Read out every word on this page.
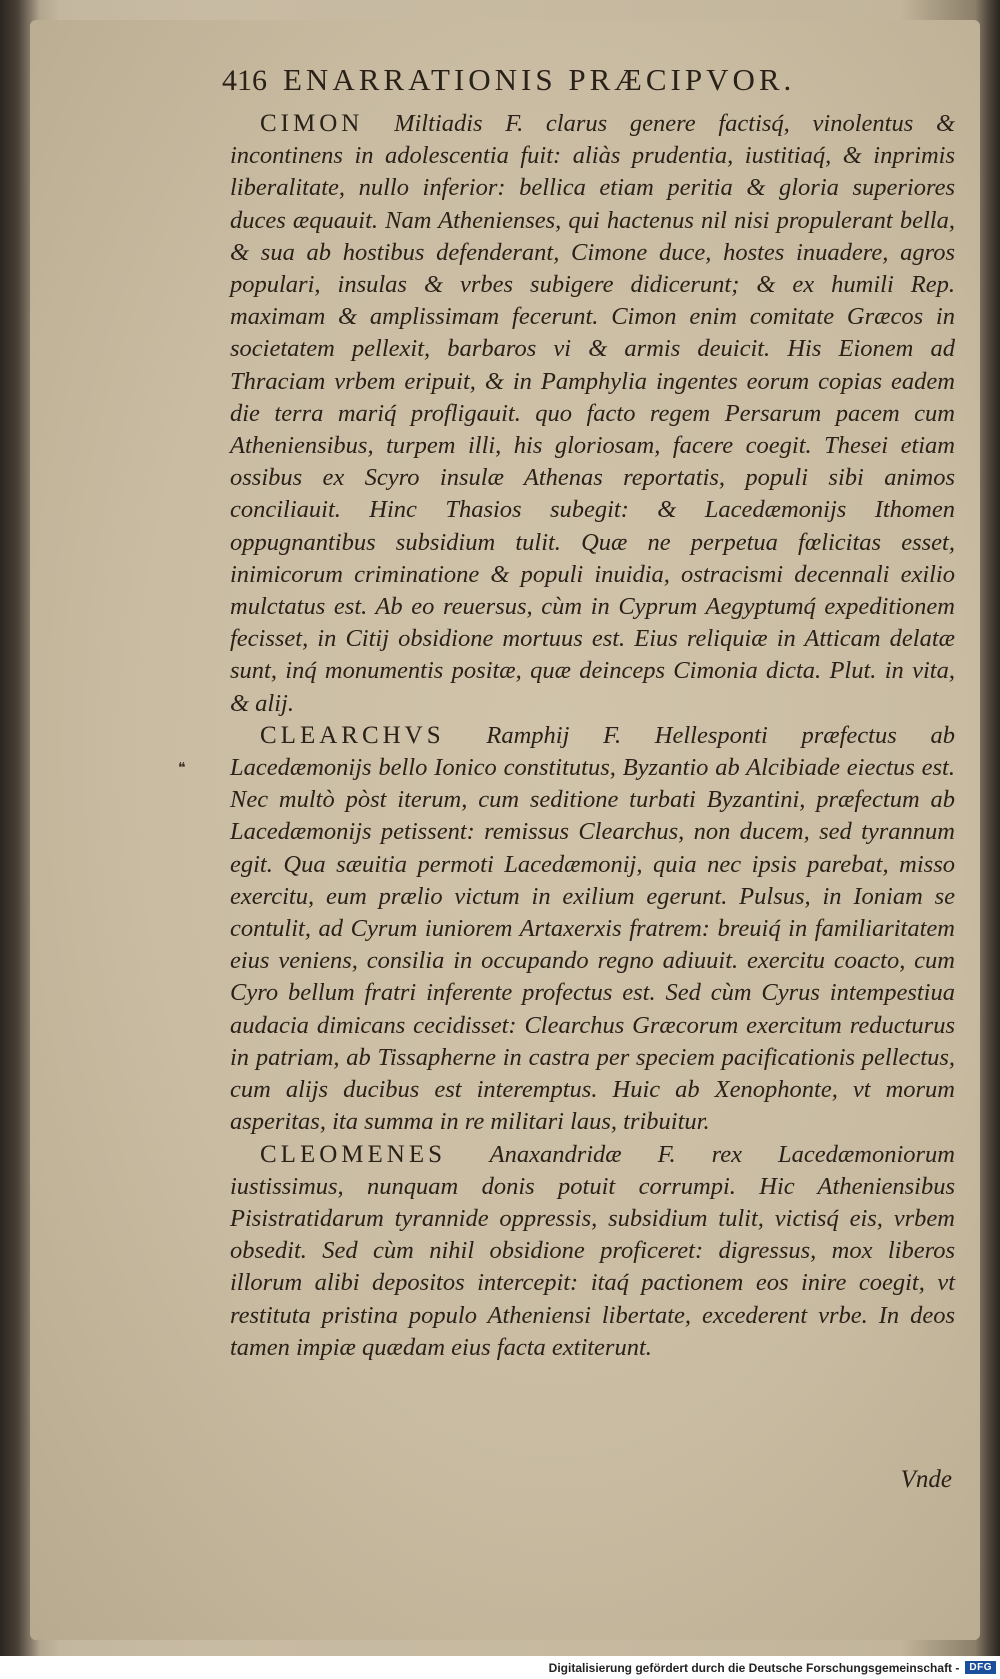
416 ENARRATIONIS PRÆCIPVOR.
❝

CIMON Miltiadis F. clarus genere factisq́, vinolentus & incontinens in adolescentia fuit: aliàs prudentia, iustitiaq́, & inprimis liberalitate, nullo inferior: bellica etiam peritia & gloria superiores duces æquauit. Nam Athenienses, qui hactenus nil nisi propulerant bella, & sua ab hostibus defenderant, Cimone duce, hostes inuadere, agros populari, insulas & vrbes subigere didicerunt; & ex humili Rep. maximam & amplissimam fecerunt. Cimon enim comitate Græcos in societatem pellexit, barbaros vi & armis deuicit. His Eionem ad Thraciam vrbem eripuit, & in Pamphylia ingentes eorum copias eadem die terra mariq́ profligauit. quo facto regem Persarum pacem cum Atheniensibus, turpem illi, his gloriosam, facere coegit. Thesei etiam ossibus ex Scyro insulæ Athenas reportatis, populi sibi animos conciliauit. Hinc Thasios subegit: & Lacedæmonijs Ithomen oppugnantibus subsidium tulit. Quæ ne perpetua fœlicitas esset, inimicorum criminatione & populi inuidia, ostracismi decennali exilio mulctatus est. Ab eo reuersus, cùm in Cyprum Aegyptumq́ expeditionem fecisset, in Citij obsidione mortuus est. Eius reliquiæ in Atticam delatæ sunt, inq́ monumentis positæ, quæ deinceps Cimonia dicta. Plut. in vita, & alij.

CLEARCHVS Ramphij F. Hellesponti præfectus ab Lacedæmonijs bello Ionico constitutus, Byzantio ab Alcibiade eiectus est. Nec multò pòst iterum, cum seditione turbati Byzantini, præfectum ab Lacedæmonijs petissent: remissus Clearchus, non ducem, sed tyrannum egit. Qua sæuitia permoti Lacedæmonij, quia nec ipsis parebat, misso exercitu, eum prælio victum in exilium egerunt. Pulsus, in Ioniam se contulit, ad Cyrum iuniorem Artaxerxis fratrem: breuiq́ in familiaritatem eius veniens, consilia in occupando regno adiuuit. exercitu coacto, cum Cyro bellum fratri inferente profectus est. Sed cùm Cyrus intempestiua audacia dimicans cecidisset: Clearchus Græcorum exercitum reducturus in patriam, ab Tissapherne in castra per speciem pacificationis pellectus, cum alijs ducibus est interemptus. Huic ab Xenophonte, vt morum asperitas, ita summa in re militari laus, tribuitur.

CLEOMENES Anaxandridæ F. rex Lacedæmoniorum iustissimus, nunquam donis potuit corrumpi. Hic Atheniensibus Pisistratidarum tyrannide oppressis, subsidium tulit, victisq́ eis, vrbem obsedit. Sed cùm nihil obsidione proficeret: digressus, mox liberos illorum alibi depositos intercepit: itaq́ pactionem eos inire coegit, vt restituta pristina populo Atheniensi libertate, excederent vrbe. In deos tamen impiæ quædam eius facta extiterunt.

Vnde
Digitalisierung gefördert durch die Deutsche Forschungsgemeinschaft -	DFG
